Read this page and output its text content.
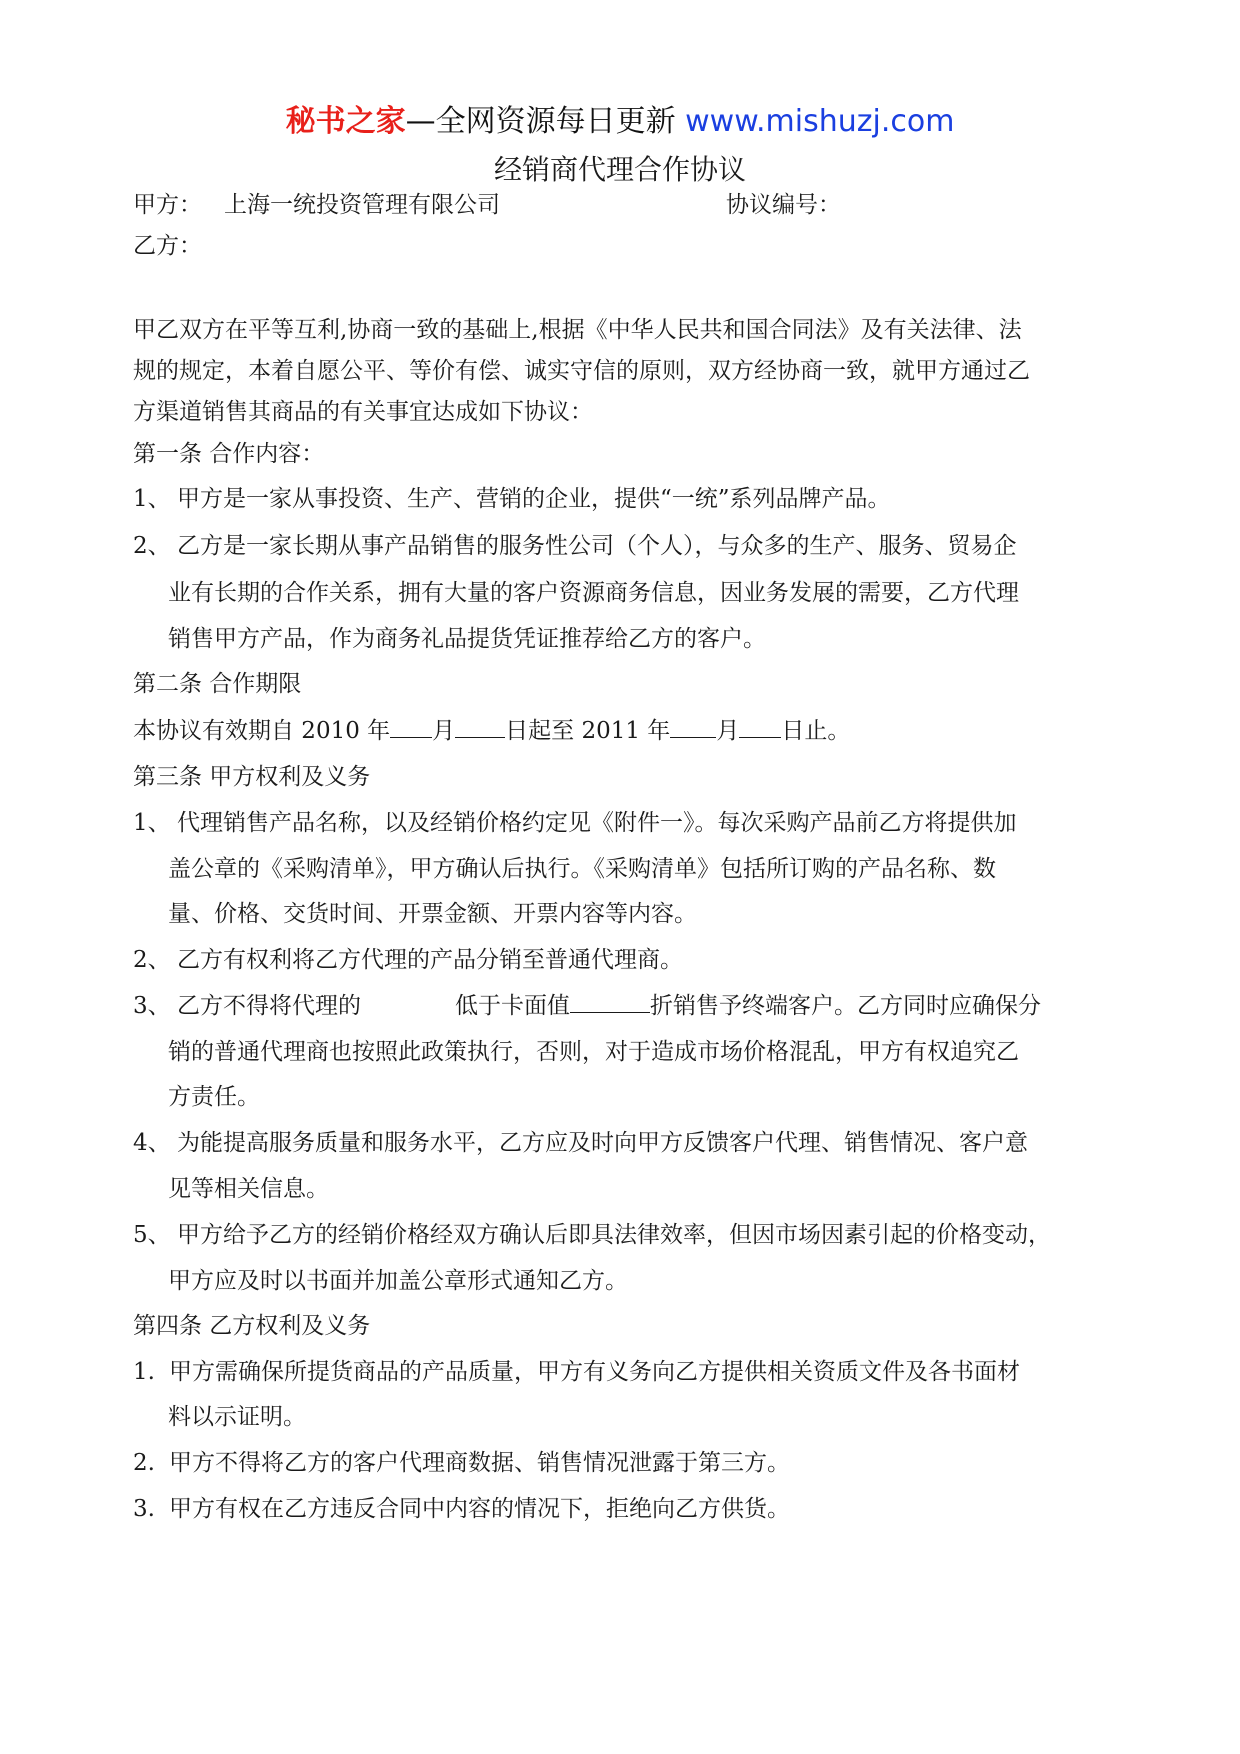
秘书之家—全网资源每日更新 www.mishuzj.com
经销商代理合作协议
甲方： 上海一统投资管理有限公司	协议编号：
乙方：
甲乙双方在平等互利,协商一致的基础上,根据《中华人民共和国合同法》及有关法律、法
规的规定，本着自愿公平、等价有偿、诚实守信的原则，双方经协商一致，就甲方通过乙
方渠道销售其商品的有关事宜达成如下协议：
第一条 合作内容：
1、 甲方是一家从事投资、生产、营销的企业，提供“一统”系列品牌产品。
2、 乙方是一家长期从事产品销售的服务性公司（个人），与众多的生产、服务、贸易企
业有长期的合作关系，拥有大量的客户资源商务信息，因业务发展的需要，乙方代理
销售甲方产品，作为商务礼品提货凭证推荐给乙方的客户。
第二条 合作期限
本协议有效期自 2010 年 月 日起至 2011 年 月 日止。
第三条 甲方权利及义务
1、 代理销售产品名称，以及经销价格约定见《附件一》。每次采购产品前乙方将提供加
盖公章的《采购清单》，甲方确认后执行。《采购清单》包括所订购的产品名称、数
量、价格、交货时间、开票金额、开票内容等内容。
2、 乙方有权利将乙方代理的产品分销至普通代理商。
3、 乙方不得将代理的	低于卡面值	折销售予终端客户。乙方同时应确保分
销的普通代理商也按照此政策执行，否则，对于造成市场价格混乱，甲方有权追究乙
方责任。
4、 为能提高服务质量和服务水平，乙方应及时向甲方反馈客户代理、销售情况、客户意
见等相关信息。
5、 甲方给予乙方的经销价格经双方确认后即具法律效率，但因市场因素引起的价格变动，
甲方应及时以书面并加盖公章形式通知乙方。
第四条 乙方权利及义务
1. 甲方需确保所提货商品的产品质量，甲方有义务向乙方提供相关资质文件及各书面材
料以示证明。
2. 甲方不得将乙方的客户代理商数据、销售情况泄露于第三方。
3. 甲方有权在乙方违反合同中内容的情况下，拒绝向乙方供货。
